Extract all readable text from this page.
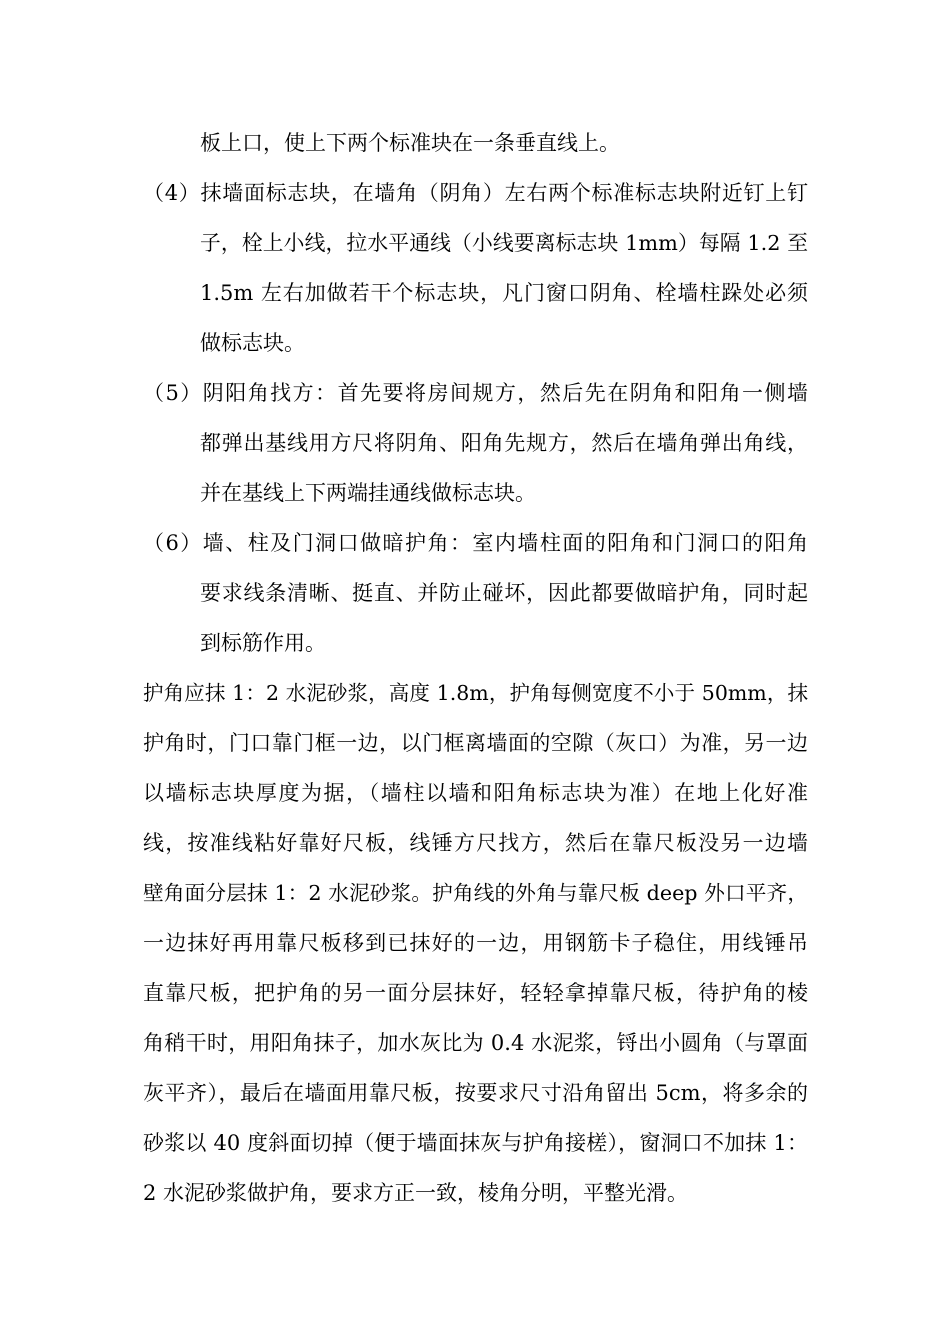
板上口，使上下两个标准块在一条垂直线上。
（4）抹墙面标志块，在墙角（阴角）左右两个标准标志块附近钉上钉
子，栓上小线，拉水平通线（小线要离标志块 1mm）每隔 1.2 至
1.5m 左右加做若干个标志块，凡门窗口阴角、栓墙柱跺处必须
做标志块。
（5）阴阳角找方：首先要将房间规方，然后先在阴角和阳角一侧墙
都弹出基线用方尺将阴角、阳角先规方，然后在墙角弹出角线，
并在基线上下两端挂通线做标志块。
（6）墙、柱及门洞口做暗护角：室内墙柱面的阳角和门洞口的阳角
要求线条清晰、挺直、并防止碰坏，因此都要做暗护角，同时起
到标筋作用。
护角应抹 1：2 水泥砂浆，高度 1.8m，护角每侧宽度不小于 50mm，抹
护角时，门口靠门框一边，以门框离墙面的空隙（灰口）为准，另一边
以墙标志块厚度为据，（墙柱以墙和阳角标志块为准）在地上化好准
线，按准线粘好靠好尺板，线锤方尺找方，然后在靠尺板没另一边墙
壁角面分层抹 1：2 水泥砂浆。护角线的外角与靠尺板 deep 外口平齐，
一边抹好再用靠尺板移到已抹好的一边，用钢筋卡子稳住，用线锤吊
直靠尺板，把护角的另一面分层抹好，轻轻拿掉靠尺板，待护角的棱
角稍干时，用阳角抹子，加水灰比为 0.4 水泥浆，锊出小圆角（与罩面
灰平齐），最后在墙面用靠尺板，按要求尺寸沿角留出 5cm，将多余的
砂浆以 40 度斜面切掉（便于墙面抹灰与护角接槎），窗洞口不加抹 1：
2 水泥砂浆做护角，要求方正一致，棱角分明，平整光滑。
